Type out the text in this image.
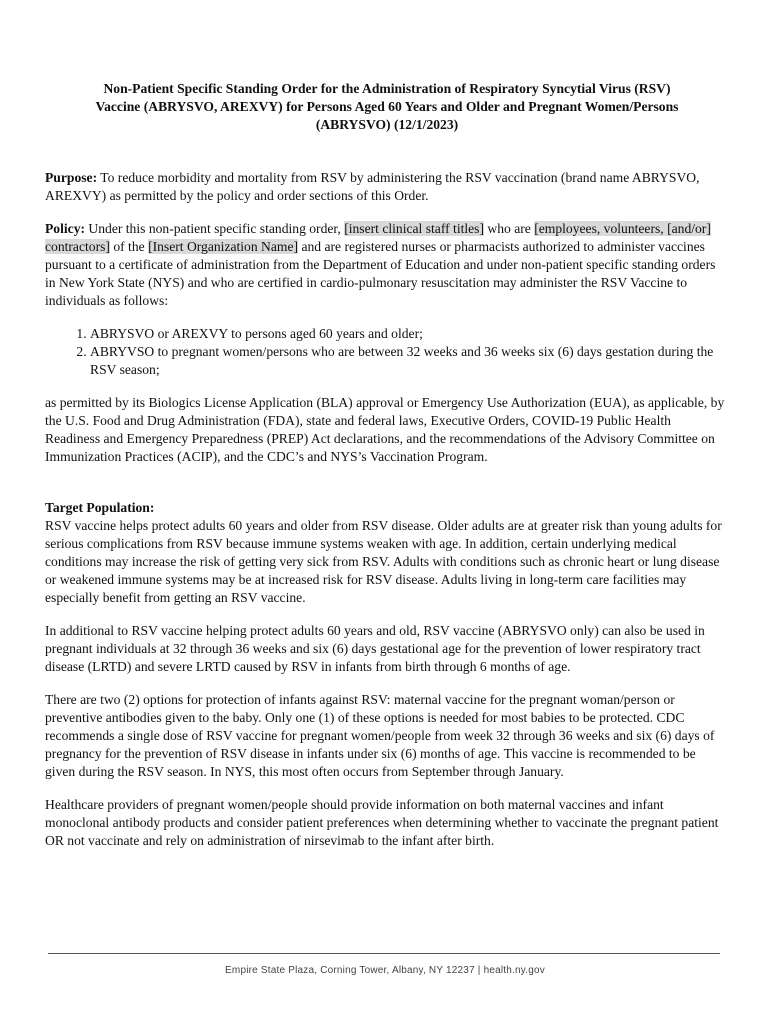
Non-Patient Specific Standing Order for the Administration of Respiratory Syncytial Virus (RSV)
Vaccine (ABRYSVO, AREXVY) for Persons Aged 60 Years and Older and Pregnant Women/Persons
(ABRYSVO) (12/1/2023)

Purpose: To reduce morbidity and mortality from RSV by administering the RSV vaccination (brand name ABRYSVO, AREXVY) as permitted by the policy and order sections of this Order.

Policy: Under this non-patient specific standing order, [insert clinical staff titles] who are [employees, volunteers, [and/or] contractors] of the [Insert Organization Name] and are registered nurses or pharmacists authorized to administer vaccines pursuant to a certificate of administration from the Department of Education and under non-patient specific standing orders in New York State (NYS) and who are certified in cardio-pulmonary resuscitation may administer the RSV Vaccine to individuals as follows:

1. ABRYSVO or AREXVY to persons aged 60 years and older;
2. ABRYVSO to pregnant women/persons who are between 32 weeks and 36 weeks six (6) days gestation during the RSV season;

as permitted by its Biologics License Application (BLA) approval or Emergency Use Authorization (EUA), as applicable, by the U.S. Food and Drug Administration (FDA), state and federal laws, Executive Orders, COVID-19 Public Health Readiness and Emergency Preparedness (PREP) Act declarations, and the recommendations of the Advisory Committee on Immunization Practices (ACIP), and the CDC’s and NYS’s Vaccination Program.

Target Population:

RSV vaccine helps protect adults 60 years and older from RSV disease. Older adults are at greater risk than young adults for serious complications from RSV because immune systems weaken with age. In addition, certain underlying medical conditions may increase the risk of getting very sick from RSV. Adults with conditions such as chronic heart or lung disease or weakened immune systems may be at increased risk for RSV disease. Adults living in long-term care facilities may especially benefit from getting an RSV vaccine.

In additional to RSV vaccine helping protect adults 60 years and old, RSV vaccine (ABRYSVO only) can also be used in pregnant individuals at 32 through 36 weeks and six (6) days gestational age for the prevention of lower respiratory tract disease (LRTD) and severe LRTD caused by RSV in infants from birth through 6 months of age.

There are two (2) options for protection of infants against RSV: maternal vaccine for the pregnant woman/person or preventive antibodies given to the baby. Only one (1) of these options is needed for most babies to be protected. CDC recommends a single dose of RSV vaccine for pregnant women/people from week 32 through 36 weeks and six (6) days of pregnancy for the prevention of RSV disease in infants under six (6) months of age. This vaccine is recommended to be given during the RSV season. In NYS, this most often occurs from September through January.

Healthcare providers of pregnant women/people should provide information on both maternal vaccines and infant monoclonal antibody products and consider patient preferences when determining whether to vaccinate the pregnant patient OR not vaccinate and rely on administration of nirsevimab to the infant after birth.

Empire State Plaza, Corning Tower, Albany, NY 12237 | health.ny.gov
